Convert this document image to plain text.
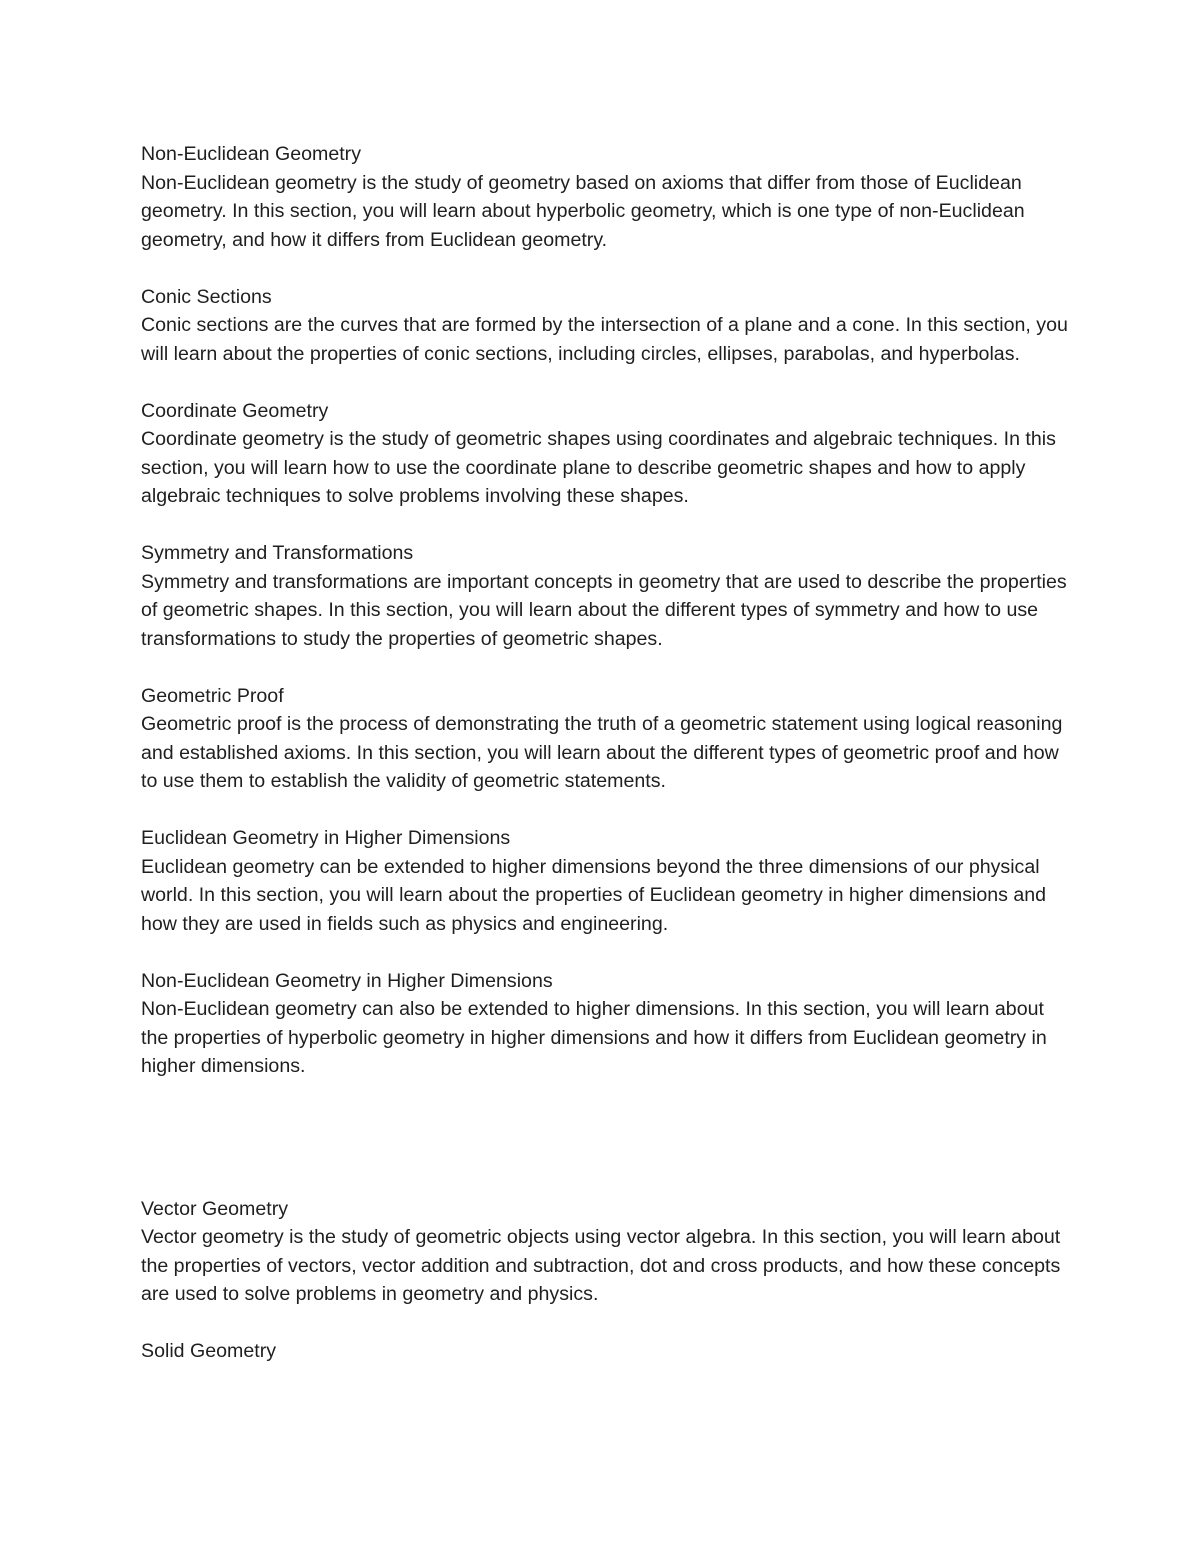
Non-Euclidean Geometry

Non-Euclidean geometry is the study of geometry based on axioms that differ from those of Euclidean geometry. In this section, you will learn about hyperbolic geometry, which is one type of non-Euclidean geometry, and how it differs from Euclidean geometry.

Conic Sections

Conic sections are the curves that are formed by the intersection of a plane and a cone. In this section, you will learn about the properties of conic sections, including circles, ellipses, parabolas, and hyperbolas.

Coordinate Geometry

Coordinate geometry is the study of geometric shapes using coordinates and algebraic techniques. In this section, you will learn how to use the coordinate plane to describe geometric shapes and how to apply algebraic techniques to solve problems involving these shapes.

Symmetry and Transformations

Symmetry and transformations are important concepts in geometry that are used to describe the properties of geometric shapes. In this section, you will learn about the different types of symmetry and how to use transformations to study the properties of geometric shapes.

Geometric Proof

Geometric proof is the process of demonstrating the truth of a geometric statement using logical reasoning and established axioms. In this section, you will learn about the different types of geometric proof and how to use them to establish the validity of geometric statements.

Euclidean Geometry in Higher Dimensions

Euclidean geometry can be extended to higher dimensions beyond the three dimensions of our physical world. In this section, you will learn about the properties of Euclidean geometry in higher dimensions and how they are used in fields such as physics and engineering.

Non-Euclidean Geometry in Higher Dimensions

Non-Euclidean geometry can also be extended to higher dimensions. In this section, you will learn about the properties of hyperbolic geometry in higher dimensions and how it differs from Euclidean geometry in higher dimensions.

Vector Geometry

Vector geometry is the study of geometric objects using vector algebra. In this section, you will learn about the properties of vectors, vector addition and subtraction, dot and cross products, and how these concepts are used to solve problems in geometry and physics.

Solid Geometry
